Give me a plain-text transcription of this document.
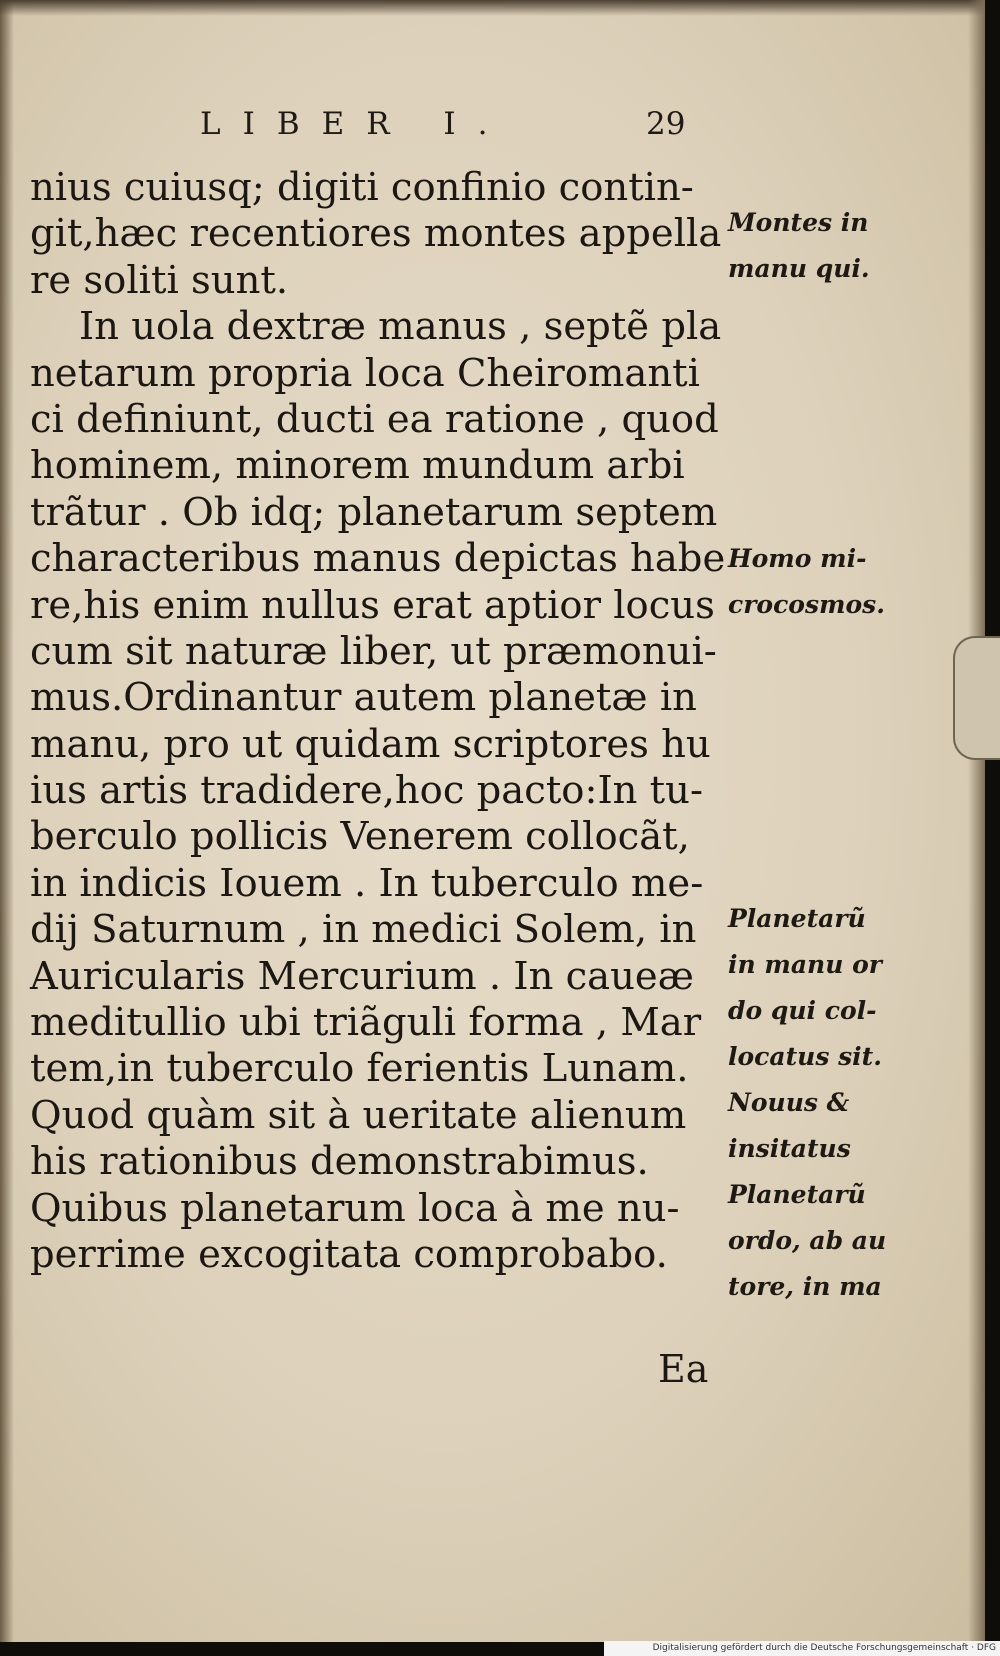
LIBER I.	29
nius cuiusq; digiti confinio contin-
git,hæc recentiores montes appella
re soliti sunt.
In uola dextræ manus , septẽ pla
netarum propria loca Cheiromanti
ci definiunt, ducti ea ratione , quod
hominem, minorem mundum arbi
trãtur . Ob idq; planetarum septem
characteribus manus depictas habe
re,his enim nullus erat aptior locus
cum sit naturæ liber, ut præmonui-
mus.Ordinantur autem planetæ in
manu, pro ut quidam scriptores hu
ius artis tradidere,hoc pacto:In tu-
berculo pollicis Venerem collocãt,
in indicis Iouem . In tuberculo me-
dij Saturnum , in medici Solem, in
Auricularis Mercurium . In caueæ
meditullio ubi triãguli forma , Mar
tem,in tuberculo ferientis Lunam.
Quod quàm sit à ueritate alienum
his rationibus demonstrabimus.
Quibus planetarum loca à me nu-
perrime excogitata comprobabo.
Ea
Montes in
manu qui.
Homo mi-
crocosmos.
Planetarũ
in manu or
do qui col-
locatus sit.
Nouus &
insitatus
Planetarũ
ordo, ab au
tore, in ma
Digitalisierung gefördert durch die Deutsche Forschungsgemeinschaft · DFG
